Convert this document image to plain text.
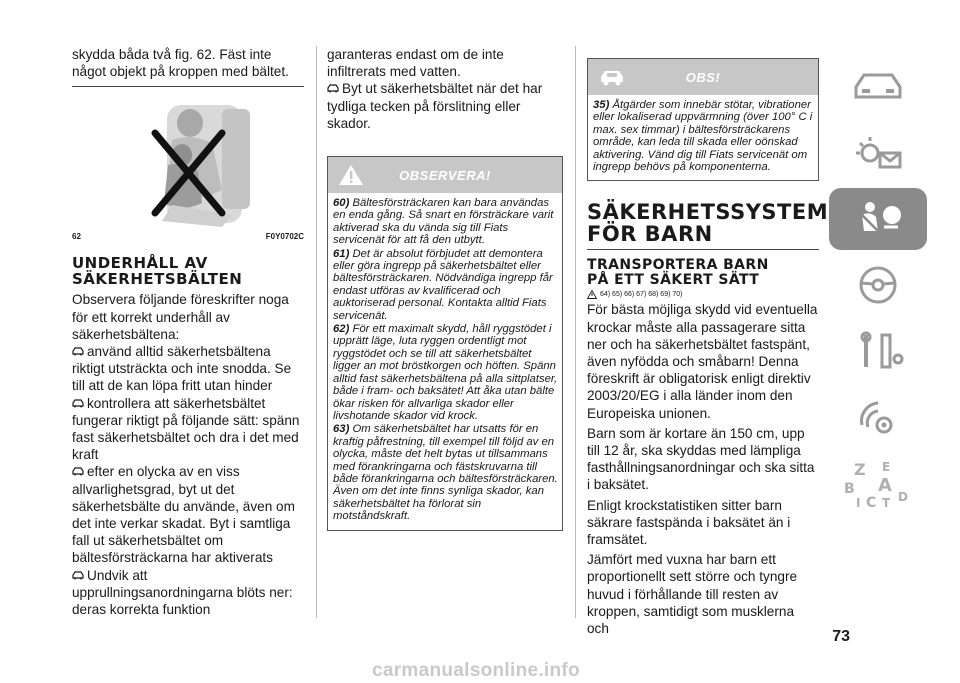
skydda båda två fig. 62. Fäst inte något objekt på kroppen med bältet.

62	F0Y0702C
UNDERHÅLL AV
SÄKERHETSBÄLTEN

Observera följande föreskrifter noga för ett korrekt underhåll av säkerhetsbältena:

använd alltid säkerhetsbältena riktigt utsträckta och inte snodda. Se till att de kan löpa fritt utan hinder
kontrollera att säkerhetsbältet fungerar riktigt på följande sätt: spänn fast säkerhetsbältet och dra i det med kraft
efter en olycka av en viss allvarlighetsgrad, byt ut det säkerhetsbälte du använde, även om det inte verkar skadat. Byt i samtliga fall ut säkerhetsbältet om bältesförsträckarna har aktiverats
Undvik att upprullningsanordningarna blöts ner: deras korrekta funktion

garanteras endast om de inte infiltrerats med vatten.

Byt ut säkerhetsbältet när det har tydliga tecken på förslitning eller skador.
OBSERVERA!

60) Bältesförsträckaren kan bara användas en enda gång. Så snart en försträckare varit aktiverad ska du vända sig till Fiats servicenät för att få den utbytt.

61) Det är absolut förbjudet att demontera eller göra ingrepp på säkerhetsbältet eller bältesförsträckaren. Nödvändiga ingrepp får endast utföras av kvalificerad och auktoriserad personal. Kontakta alltid Fiats servicenät.

62) För ett maximalt skydd, håll ryggstödet i upprätt läge, luta ryggen ordentligt mot ryggstödet och se till att säkerhetsbältet ligger an mot bröstkorgen och höften. Spänn alltid fast säkerhetsbältena på alla sittplatser, både i fram- och baksätet! Att åka utan bälte ökar risken för allvarliga skador eller livshotande skador vid krock.

63) Om säkerhetsbältet har utsatts för en kraftig påfrestning, till exempel till följd av en olycka, måste det helt bytas ut tillsammans med förankringarna och fästskruvarna till både förankringarna och bältesförsträckaren. Även om det inte finns synliga skador, kan säkerhetsbältet ha förlorat sin motståndskraft.

OBS!

35) Åtgärder som innebär stötar, vibrationer eller lokaliserad uppvärmning (över 100° C i max. sex timmar) i bältesförsträckarens område, kan leda till skada eller oönskad aktivering. Vänd dig till Fiats servicenät om ingrepp behövs på komponenterna.

SÄKERHETSSYSTEM
FÖR BARN
TRANSPORTERA BARN
PÅ ETT SÄKERT SÄTT
64) 65) 66) 67) 68) 69) 70)

För bästa möjliga skydd vid eventuella krockar måste alla passagerare sitta ner och ha säkerhetsbältet fastspänt, även nyfödda och småbarn! Denna föreskrift är obligatorisk enligt direktiv 2003/20/EG i alla länder inom den Europeiska unionen.

Barn som är kortare än 150 cm, upp till 12 år, ska skyddas med lämpliga fasthållningsanordningar och ska sitta i baksätet.

Enligt krockstatistiken sitter barn säkrare fastspända i baksätet än i framsätet.

Jämfört med vuxna har barn ett proportionellt sett större och tyngre huvud i förhållande till resten av kroppen, samtidigt som musklerna och

Z E
B A
I C T D
73
carmanualsonline.info
